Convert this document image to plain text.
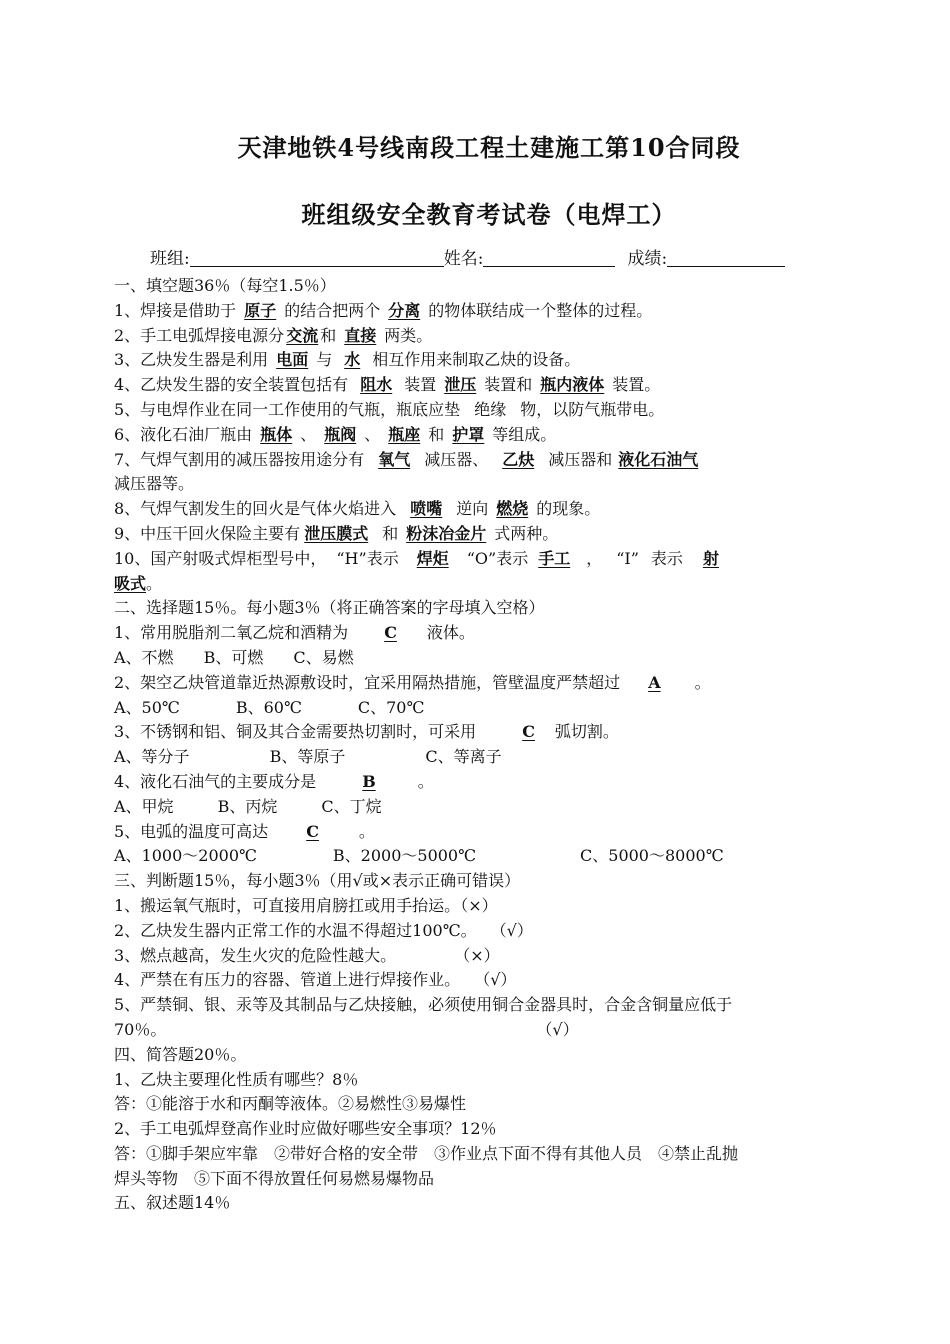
天津地铁4号线南段工程土建施工第10合同段
班组级安全教育考试卷（电焊工）
班组:	姓名:	成绩:
一、填空题36％（每空1.5％）
1、焊接是借助于 原子 的结合把两个 分离 的物体联结成一个整体的过程。
2、手工电弧焊接电源分 交流 和 直接 两类。
3、乙炔发生器是利用 电面 与 水 相互作用来制取乙炔的设备。
4、乙炔发生器的安全装置包括有 阻水 装置 泄压 装置和 瓶内液体 装置。
5、与电焊作业在同一工作使用的气瓶，瓶底应垫 绝缘 物，以防气瓶带电。
6、液化石油厂瓶由 瓶体 、 瓶阀 、 瓶座 和 护罩 等组成。
7、气焊气割用的减压器按用途分有 氧气 减压器、 乙炔 减压器和 液化石油气
减压器等。
8、气焊气割发生的回火是气体火焰进入 喷嘴 逆向 燃烧 的现象。
9、中压干回火保险主要有 泄压膜式 和 粉沫冶金片 式两种。
10、国产射吸式焊柜型号中， “H”表示 焊炬 “O”表示 手工 ， “I” 表示 射
吸式。
二、选择题15％。每小题3％（将正确答案的字母填入空格）
1、常用脱脂剂二氧乙烷和酒精为 C 液体。
A、不燃 B、可燃 C、易燃
2、架空乙炔管道靠近热源敷设时，宜采用隔热措施，管壁温度严禁超过 A 。
A、50℃	B、60℃	C、70℃
3、不锈钢和铝、铜及其合金需要热切割时，可采用	C 弧切割。
A、等分子	B、等原子	C、等离子
4、液化石油气的主要成分是	B	。
A、甲烷	B、丙烷	C、丁烷
5、电弧的温度可高达 C	。
A、1000～2000℃	B、2000～5000℃	C、5000～8000℃
三、判断题15％，每小题3％（用√或×表示正确可错误）
1、搬运氧气瓶时，可直接用肩膀扛或用手抬运。（×）
2、乙炔发生器内正常工作的水温不得超过100℃。 （√）
3、燃点越高，发生火灾的危险性越大。	（×）
4、严禁在有压力的容器、管道上进行焊接作业。 （√）
5、严禁铜、银、汞等及其制品与乙炔接触，必须使用铜合金器具时，合金含铜量应低于
70％。	（√）
四、简答题20％。
1、乙炔主要理化性质有哪些？8％
答：①能溶于水和丙酮等液体。②易燃性③易爆性
2、手工电弧焊登高作业时应做好哪些安全事项？12％
答：①脚手架应牢靠　②带好合格的安全带　③作业点下面不得有其他人员　④禁止乱抛
焊头等物　⑤下面不得放置任何易燃易爆物品
五、叙述题14％
